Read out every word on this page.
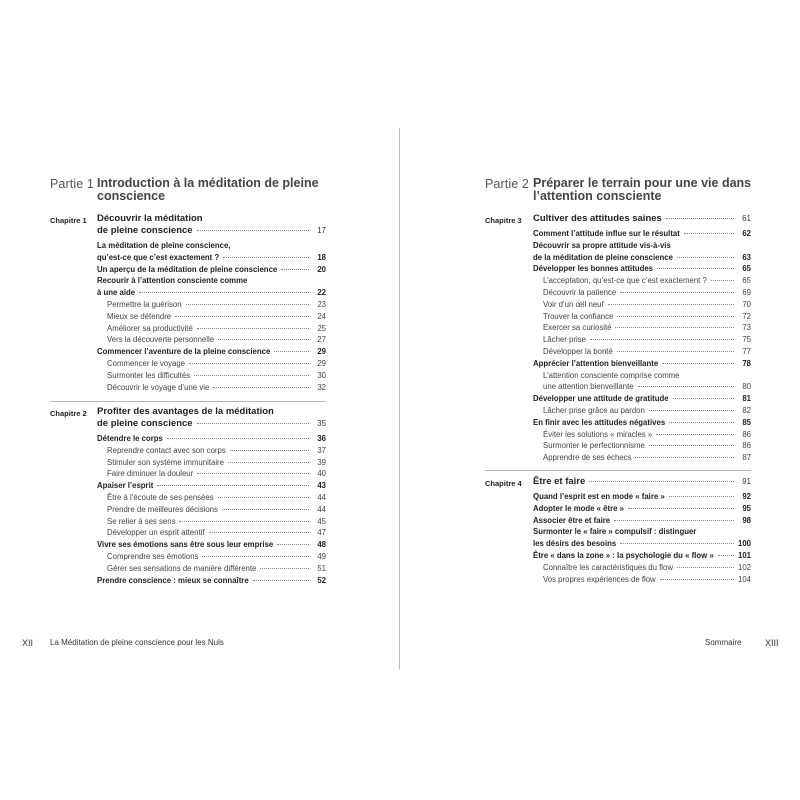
Partie 1 Introduction à la méditation de pleine conscience
Chapitre 1 Découvrir la méditation
de pleine conscience	17
La méditation de pleine conscience,
qu’est-ce que c’est exactement ?	18
Un aperçu de la méditation de pleine conscience	20
Recourir à l’attention consciente comme
à une aide	22
Permettre la guérison	23
Mieux se détendre	24
Améliorer sa productivité	25
Vers la découverte personnelle	27
Commencer l’aventure de la pleine conscience	29
Commencer le voyage	29
Surmonter les difficultés	30
Découvrir le voyage d’une vie	32
Chapitre 2 Profiter des avantages de la méditation
de pleine conscience	35
Détendre le corps	36
Reprendre contact avec son corps	37
Stimuler son système immunitaire	39
Faire diminuer la douleur	40
Apaiser l’esprit	43
Être à l’écoute de ses pensées	44
Prendre de meilleures décisions	44
Se relier à ses sens	45
Développer un esprit attentif	47
Vivre ses émotions sans être sous leur emprise	48
Comprendre ses émotions	49
Gérer ses sensations de manière différente	51
Prendre conscience : mieux se connaître	52
Partie 2 Préparer le terrain pour une vie dans l’attention consciente
Chapitre 3 Cultiver des attitudes saines	61
Comment l’attitude influe sur le résultat	62
Découvrir sa propre attitude vis-à-vis
de la méditation de pleine conscience	63
Développer les bonnes attitudes	65
L’acceptation, qu’est-ce que c’est exactement ?	65
Découvrir la patience	69
Voir d’un œil neuf	70
Trouver la confiance	72
Exercer sa curiosité	73
Lâcher prise	75
Développer la bonté	77
Apprécier l’attention bienveillante	78
L’attention consciente comprise comme
une attention bienveillante	80
Développer une attitude de gratitude	81
Lâcher prise grâce au pardon	82
En finir avec les attitudes négatives	85
Éviter les solutions « miracles »	86
Surmonter le perfectionnisme	86
Apprendre de ses échecs	87
Chapitre 4 Être et faire	91
Quand l’esprit est en mode « faire »	92
Adopter le mode « être »	95
Associer être et faire	98
Surmonter le « faire » compulsif : distinguer
les désirs des besoins	100
Être « dans la zone » : la psychologie du « flow »	101
Connaître les caractéristiques du flow	102
Vos propres expériences de flow	104
XII La Méditation de pleine conscience pour les Nuls	Sommaire	XIII
